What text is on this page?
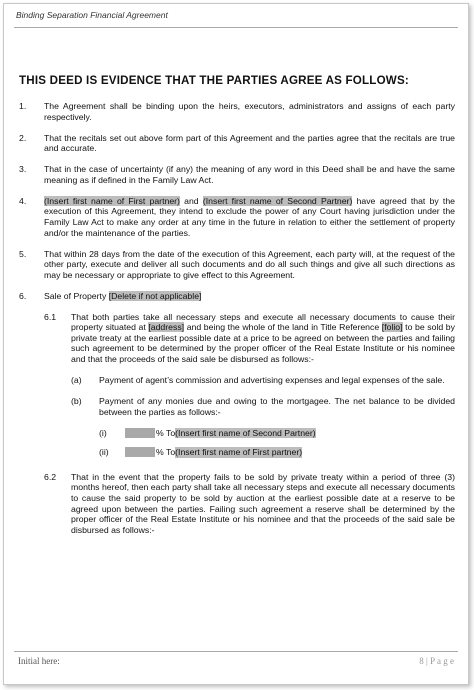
Binding Separation Financial Agreement
THIS DEED IS EVIDENCE THAT THE PARTIES AGREE AS FOLLOWS:
1.	The Agreement shall be binding upon the heirs, executors, administrators and assigns of each party respectively.
2.	That the recitals set out above form part of this Agreement and the parties agree that the recitals are true and accurate.
3.	That in the case of uncertainty (if any) the meaning of any word in this Deed shall be and have the same meaning as if defined in the Family Law Act.
4.	(Insert first name of First partner) and (Insert first name of Second Partner) have agreed that by the execution of this Agreement, they intend to exclude the power of any Court having jurisdiction under the Family Law Act to make any order at any time in the future in relation to either the settlement of property and/or the maintenance of the parties.
5.	That within 28 days from the date of the execution of this Agreement, each party will, at the request of the other party, execute and deliver all such documents and do all such things and give all such directions as may be necessary or appropriate to give effect to this Agreement.
6.	Sale of Property [Delete if not applicable]
6.1	That both parties take all necessary steps and execute all necessary documents to cause their property situated at [address] and being the whole of the land in Title Reference [folio] to be sold by private treaty at the earliest possible date at a price to be agreed on between the parties and failing such agreement to be determined by the proper officer of the Real Estate Institute or his nominee and that the proceeds of the said sale be disbursed as follows:-
(a)	Payment of agent’s commission and advertising expenses and legal expenses of the sale.
(b)	Payment of any monies due and owing to the mortgagee. The net balance to be divided between the parties as follows:-
(i)	% To (Insert first name of Second Partner)
(ii)	% To (Insert first name of First partner)
6.2	That in the event that the property fails to be sold by private treaty within a period of three (3) months hereof, then each party shall take all necessary steps and execute all necessary documents to cause the said property to be sold by auction at the earliest possible date at a reserve to be agreed upon between the parties. Failing such agreement a reserve shall be determined by the proper officer of the Real Estate Institute or his nominee and that the proceeds of the said sale be disbursed as follows:-
Initial here:	8 | P a g e
